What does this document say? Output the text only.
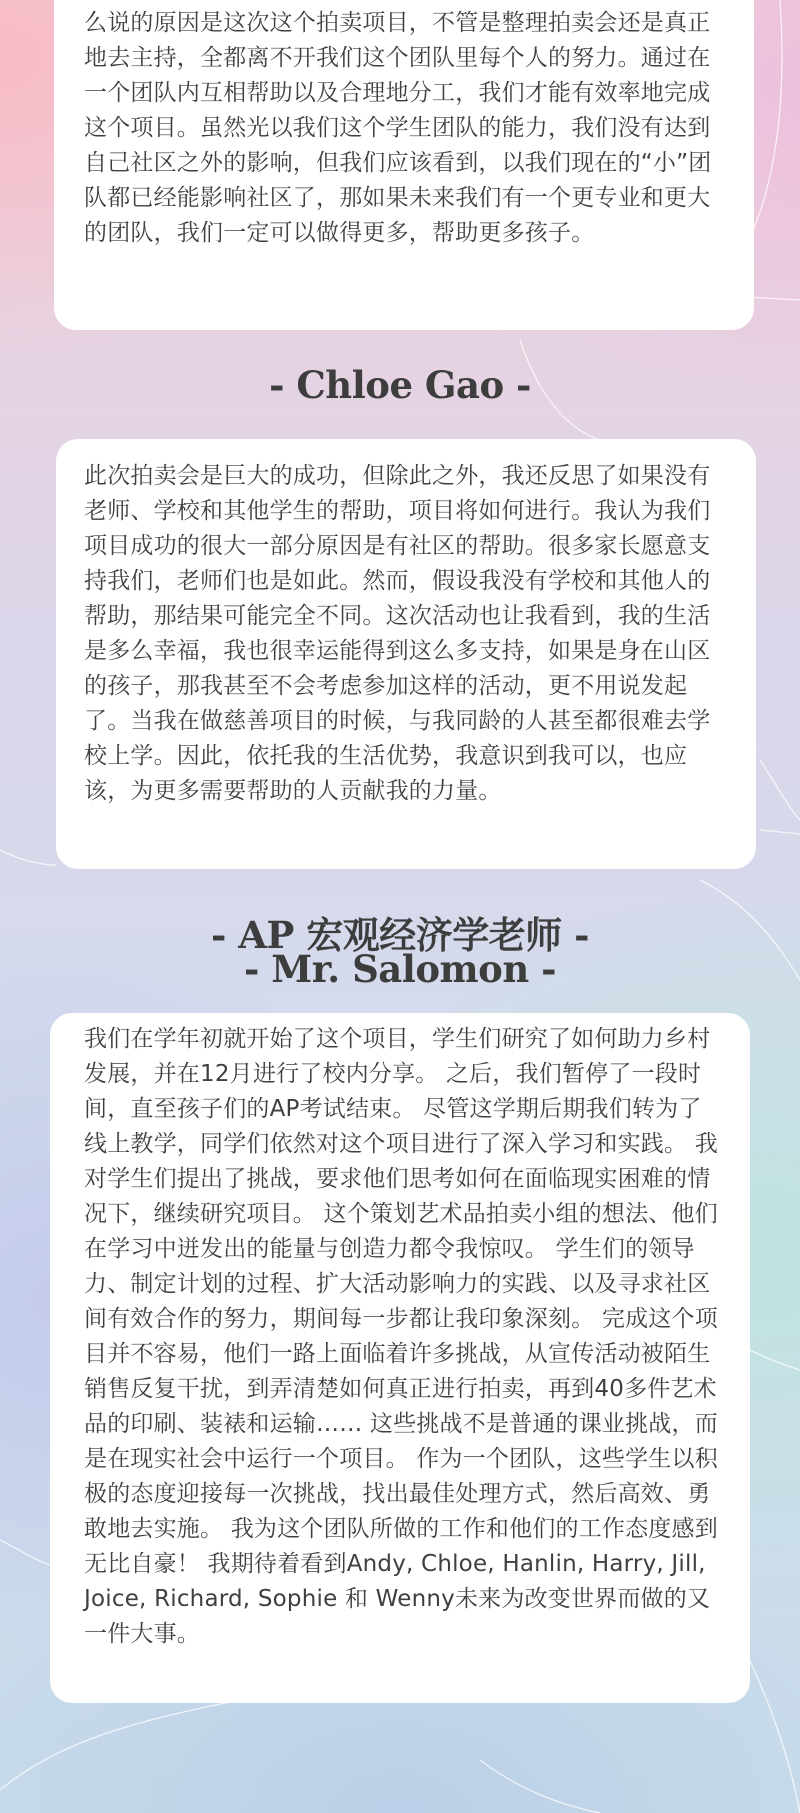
么说的原因是这次这个拍卖项目，不管是整理拍卖会还是真正地去主持，全都离不开我们这个团队里每个人的努力。通过在一个团队内互相帮助以及合理地分工，我们才能有效率地完成这个项目。虽然光以我们这个学生团队的能力，我们没有达到自己社区之外的影响，但我们应该看到，以我们现在的“小”团队都已经能影响社区了，那如果未来我们有一个更专业和更大的团队，我们一定可以做得更多，帮助更多孩子。

- Chloe Gao -

此次拍卖会是巨大的成功，但除此之外，我还反思了如果没有老师、学校和其他学生的帮助，项目将如何进行。我认为我们项目成功的很大一部分原因是有社区的帮助。很多家长愿意支持我们，老师们也是如此。然而，假设我没有学校和其他人的帮助，那结果可能完全不同。这次活动也让我看到，我的生活是多么幸福，我也很幸运能得到这么多支持，如果是身在山区的孩子，那我甚至不会考虑参加这样的活动，更不用说发起了。当我在做慈善项目的时候，与我同龄的人甚至都很难去学校上学。因此，依托我的生活优势，我意识到我可以，也应该，为更多需要帮助的人贡献我的力量。

- AP 宏观经济学老师 -
- Mr. Salomon -

我们在学年初就开始了这个项目，学生们研究了如何助力乡村发展，并在12月进行了校内分享。 之后，我们暂停了一段时间，直至孩子们的AP考试结束。 尽管这学期后期我们转为了线上教学，同学们依然对这个项目进行了深入学习和实践。 我对学生们提出了挑战，要求他们思考如何在面临现实困难的情况下，继续研究项目。 这个策划艺术品拍卖小组的想法、他们在学习中迸发出的能量与创造力都令我惊叹。 学生们的领导力、制定计划的过程、扩大活动影响力的实践、以及寻求社区间有效合作的努力，期间每一步都让我印象深刻。 完成这个项目并不容易，他们一路上面临着许多挑战，从宣传活动被陌生销售反复干扰，到弄清楚如何真正进行拍卖，再到40多件艺术品的印刷、装裱和运输…… 这些挑战不是普通的课业挑战，而是在现实社会中运行一个项目。 作为一个团队，这些学生以积极的态度迎接每一次挑战，找出最佳处理方式，然后高效、勇敢地去实施。 我为这个团队所做的工作和他们的工作态度感到无比自豪！ 我期待着看到Andy, Chloe, Hanlin, Harry, Jill, Joice, Richard, Sophie 和 Wenny未来为改变世界而做的又一件大事。
